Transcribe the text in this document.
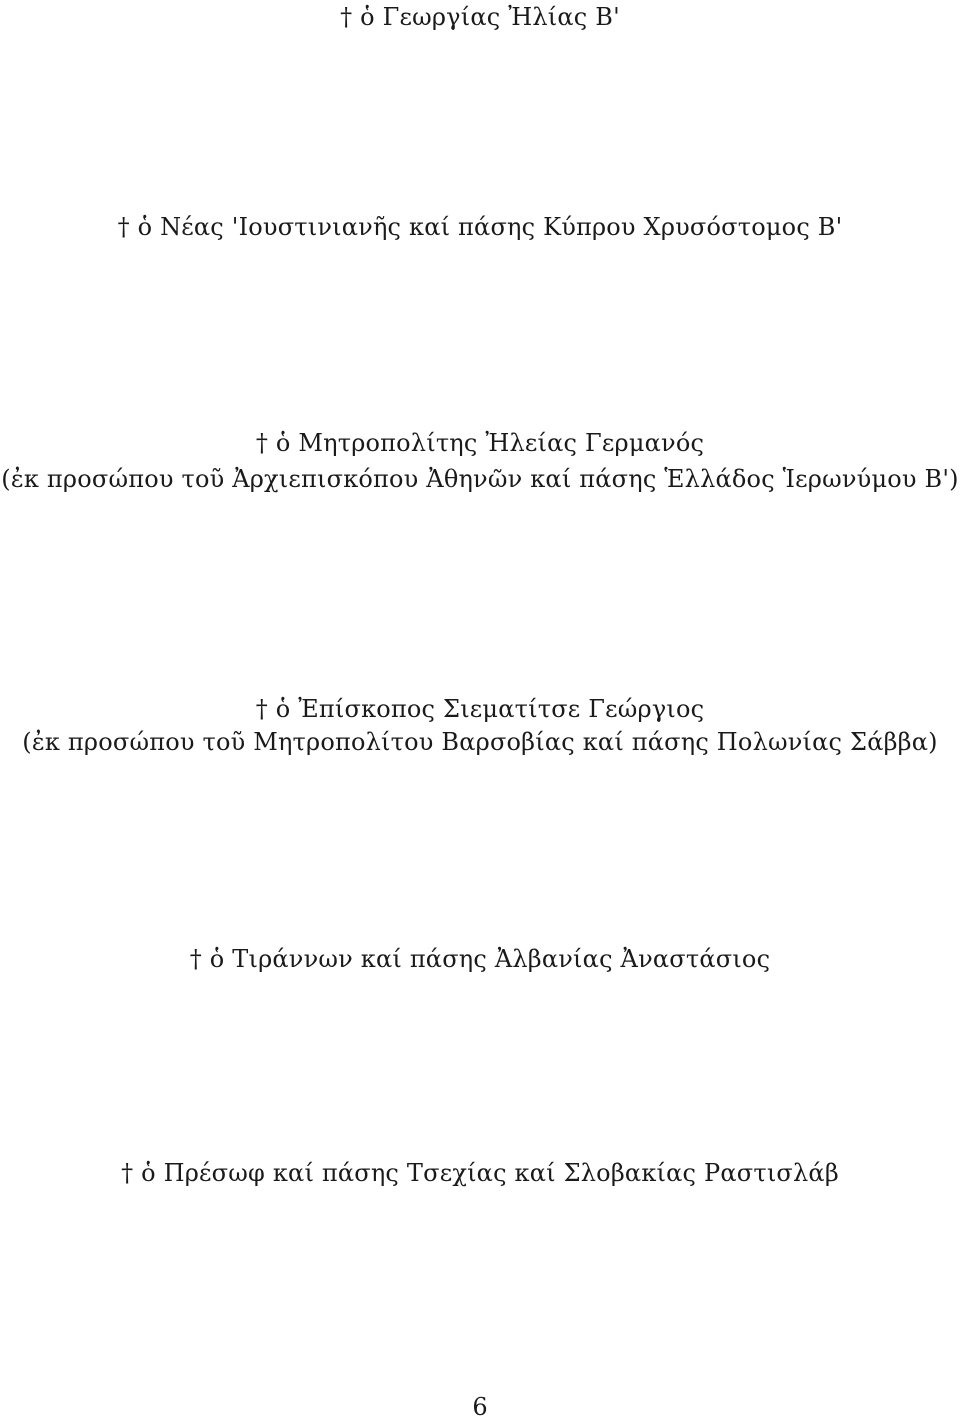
† ὁ Γεωργίας Ἠλίας Β'
† ὁ Νέας 'Ιουστινιανῆς καί πάσης Κύπρου Χρυσόστομος Β'
† ὁ Μητροπολίτης Ἠλείας Γερμανός
(ἐκ προσώπου τοῦ Ἀρχιεπισκόπου Ἀθηνῶν καί πάσης Ἑλλάδος Ἱερωνύμου Β')
† ὁ Ἐπίσκοπος Σιεματίτσε Γεώργιος
(ἐκ προσώπου τοῦ Μητροπολίτου Βαρσοβίας καί πάσης Πολωνίας Σάββα)
† ὁ Τιράννων καί πάσης Ἀλβανίας Ἀναστάσιος
† ὁ Πρέσωφ καί πάσης Τσεχίας καί Σλοβακίας Ραστισλάβ
6
